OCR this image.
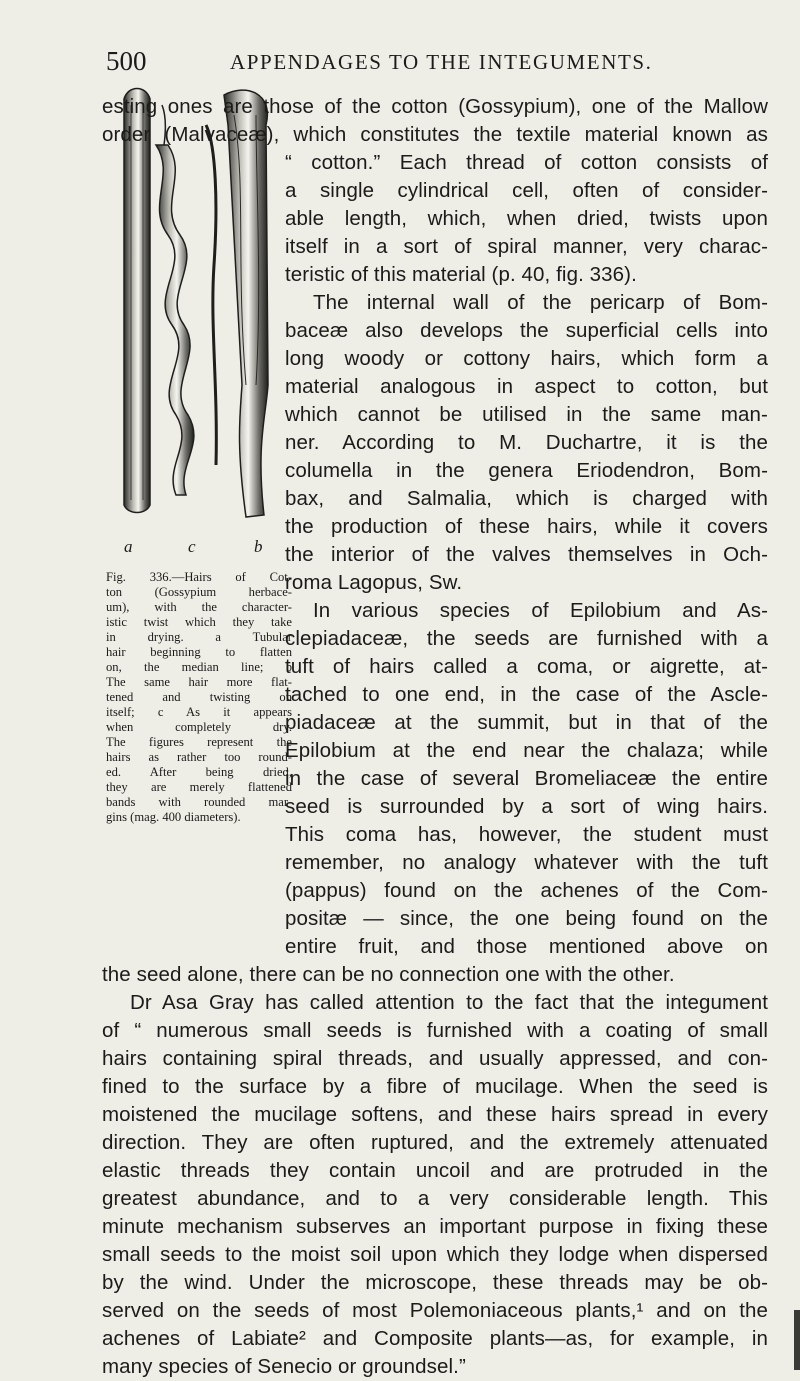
500	APPENDAGES TO THE INTEGUMENTS.
a	c	b
Fig. 336.—Hairs of Cot-
ton (Gossypium herbace-
um), with the character-
istic twist which they take
in drying. a Tubular
hair beginning to flatten
on, the median line; b
The same hair more flat-
tened and twisting on
itself; c As it appears
when completely dry.
The figures represent the
hairs as rather too round-
ed. After being dried,
they are merely flattened
bands with rounded mar-
gins (mag. 400 diameters).
esting ones are those of the cotton (Gossypium), one of the Mallow
order (Malvaceæ), which constitutes the textile material known as
“ cotton.” Each thread of cotton consists of
a single cylindrical cell, often of consider-
able length, which, when dried, twists upon
itself in a sort of spiral manner, very charac-
teristic of this material (p. 40, fig. 336).
The internal wall of the pericarp of Bom-
baceæ also develops the superficial cells into
long woody or cottony hairs, which form a
material analogous in aspect to cotton, but
which cannot be utilised in the same man-
ner. According to M. Duchartre, it is the
columella in the genera Eriodendron, Bom-
bax, and Salmalia, which is charged with
the production of these hairs, while it covers
the interior of the valves themselves in Och-
roma Lagopus, Sw.
In various species of Epilobium and As-
clepiadaceæ, the seeds are furnished with a
tuft of hairs called a coma, or aigrette, at-
tached to one end, in the case of the Ascle-
piadaceæ at the summit, but in that of the
Epilobium at the end near the chalaza; while
in the case of several Bromeliaceæ the entire
seed is surrounded by a sort of wing hairs.
This coma has, however, the student must
remember, no analogy whatever with the tuft
(pappus) found on the achenes of the Com-
positæ — since, the one being found on the
entire fruit, and those mentioned above on
the seed alone, there can be no connection one with the other.
Dr Asa Gray has called attention to the fact that the integument
of “ numerous small seeds is furnished with a coating of small
hairs containing spiral threads, and usually appressed, and con-
fined to the surface by a fibre of mucilage. When the seed is
moistened the mucilage softens, and these hairs spread in every
direction. They are often ruptured, and the extremely attenuated
elastic threads they contain uncoil and are protruded in the
greatest abundance, and to a very considerable length. This
minute mechanism subserves an important purpose in fixing these
small seeds to the moist soil upon which they lodge when dispersed
by the wind. Under the microscope, these threads may be ob-
served on the seeds of most Polemoniaceous plants,¹ and on the
achenes of Labiate² and Composite plants—as, for example, in
many species of Senecio or groundsel.”
